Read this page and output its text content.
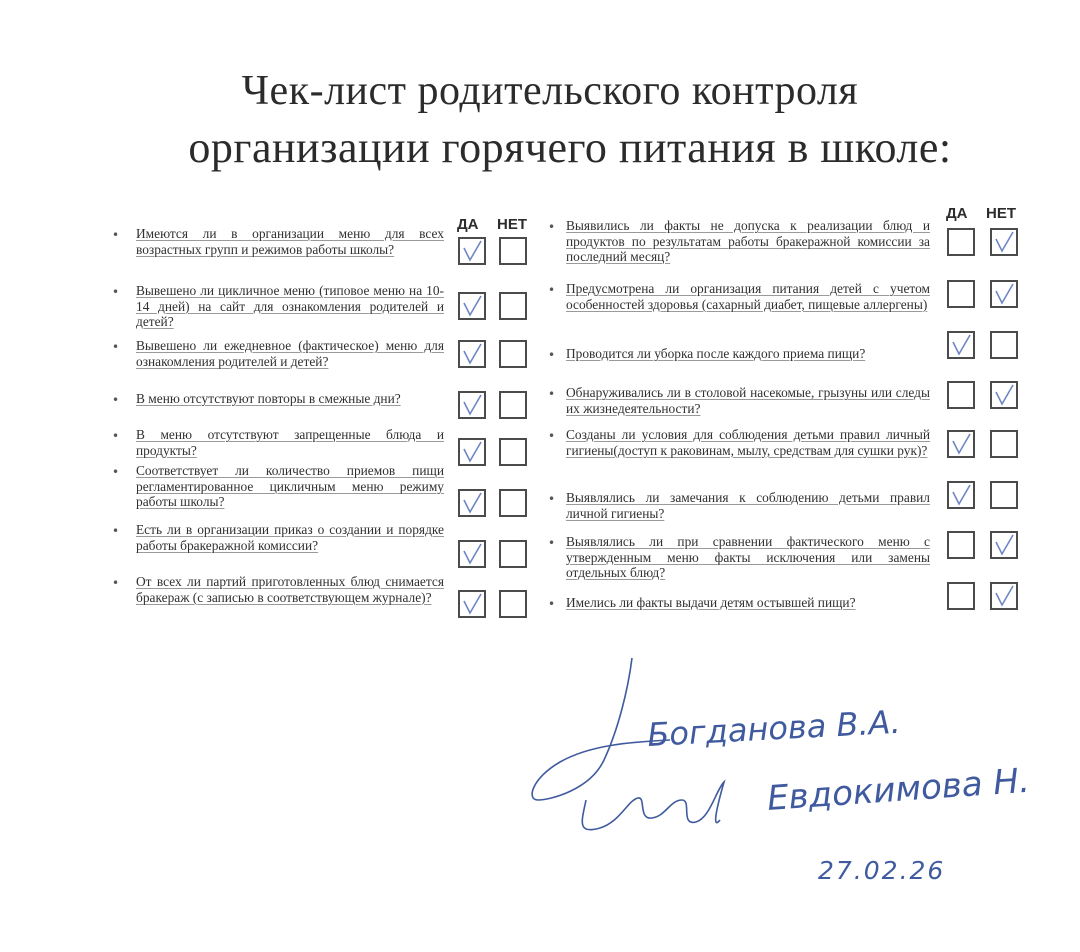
Чек-лист родительского контроля
организации горячего питания в школе:
ДА НЕТ
ДА НЕТ
• Имеются ли в организации меню для всех возрастных групп и режимов работы школы?
• Вывешено ли цикличное меню (типовое меню на 10-14 дней) на сайт для ознакомления родителей и детей?
• Вывешено ли ежедневное (фактическое) меню для ознакомления родителей и детей?
• В меню отсутствуют повторы в смежные дни?
• В меню отсутствуют запрещенные блюда и продукты?
• Соответствует ли количество приемов пищи регламентированное цикличным меню режиму работы школы?
• Есть ли в организации приказ о создании и порядке работы бракеражной комиссии?
• От всех ли партий приготовленных блюд снимается бракераж (с записью в соответствующем журнале)?
• Выявились ли факты не допуска к реализации блюд и продуктов по результатам работы бракеражной комиссии за последний месяц?
• Предусмотрена ли организация питания детей с учетом особенностей здоровья (сахарный диабет, пищевые аллергены)
• Проводится ли уборка после каждого приема пищи?
• Обнаруживались ли в столовой насекомые, грызуны или следы их жизнедеятельности?
• Созданы ли условия для соблюдения детьми правил личный гигиены(доступ к раковинам, мылу, средствам для сушки рук)?
• Выявлялись ли замечания к соблюдению детьми правил личной гигиены?
• Выявлялись ли при сравнении фактического меню с утвержденным меню факты исключения или замены отдельных блюд?
• Имелись ли факты выдачи детям остывшей пищи?
Богданова В.А.
Евдокимова Н.
27.02.26
